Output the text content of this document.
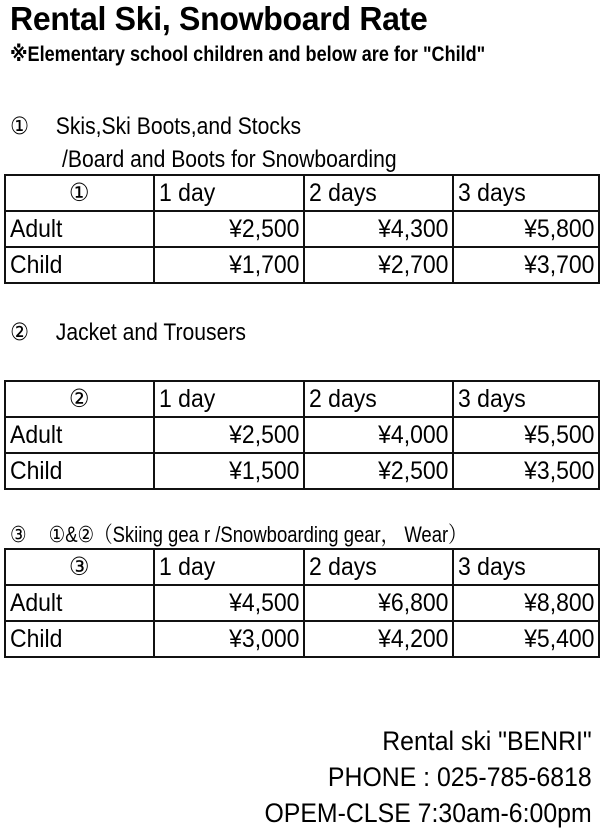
Rental Ski, Snowboard Rate
※Elementary school children and below are for "Child"
① Skis,Ski Boots,and Stocks
/Board and Boots for Snowboarding
①	1 day	2 days	3 days
Adult	¥2,500	¥4,300	¥5,800
Child	¥1,700	¥2,700	¥3,700
② Jacket and Trousers
②	1 day	2 days	3 days
Adult	¥2,500	¥4,000	¥5,500
Child	¥1,500	¥2,500	¥3,500
③ ①&②（Skiing gea r /Snowboarding gear， Wear）
③	1 day	2 days	3 days
Adult	¥4,500	¥6,800	¥8,800
Child	¥3,000	¥4,200	¥5,400
Rental ski "BENRI"
PHONE : 025-785-6818
OPEM-CLSE 7:30am-6:00pm
